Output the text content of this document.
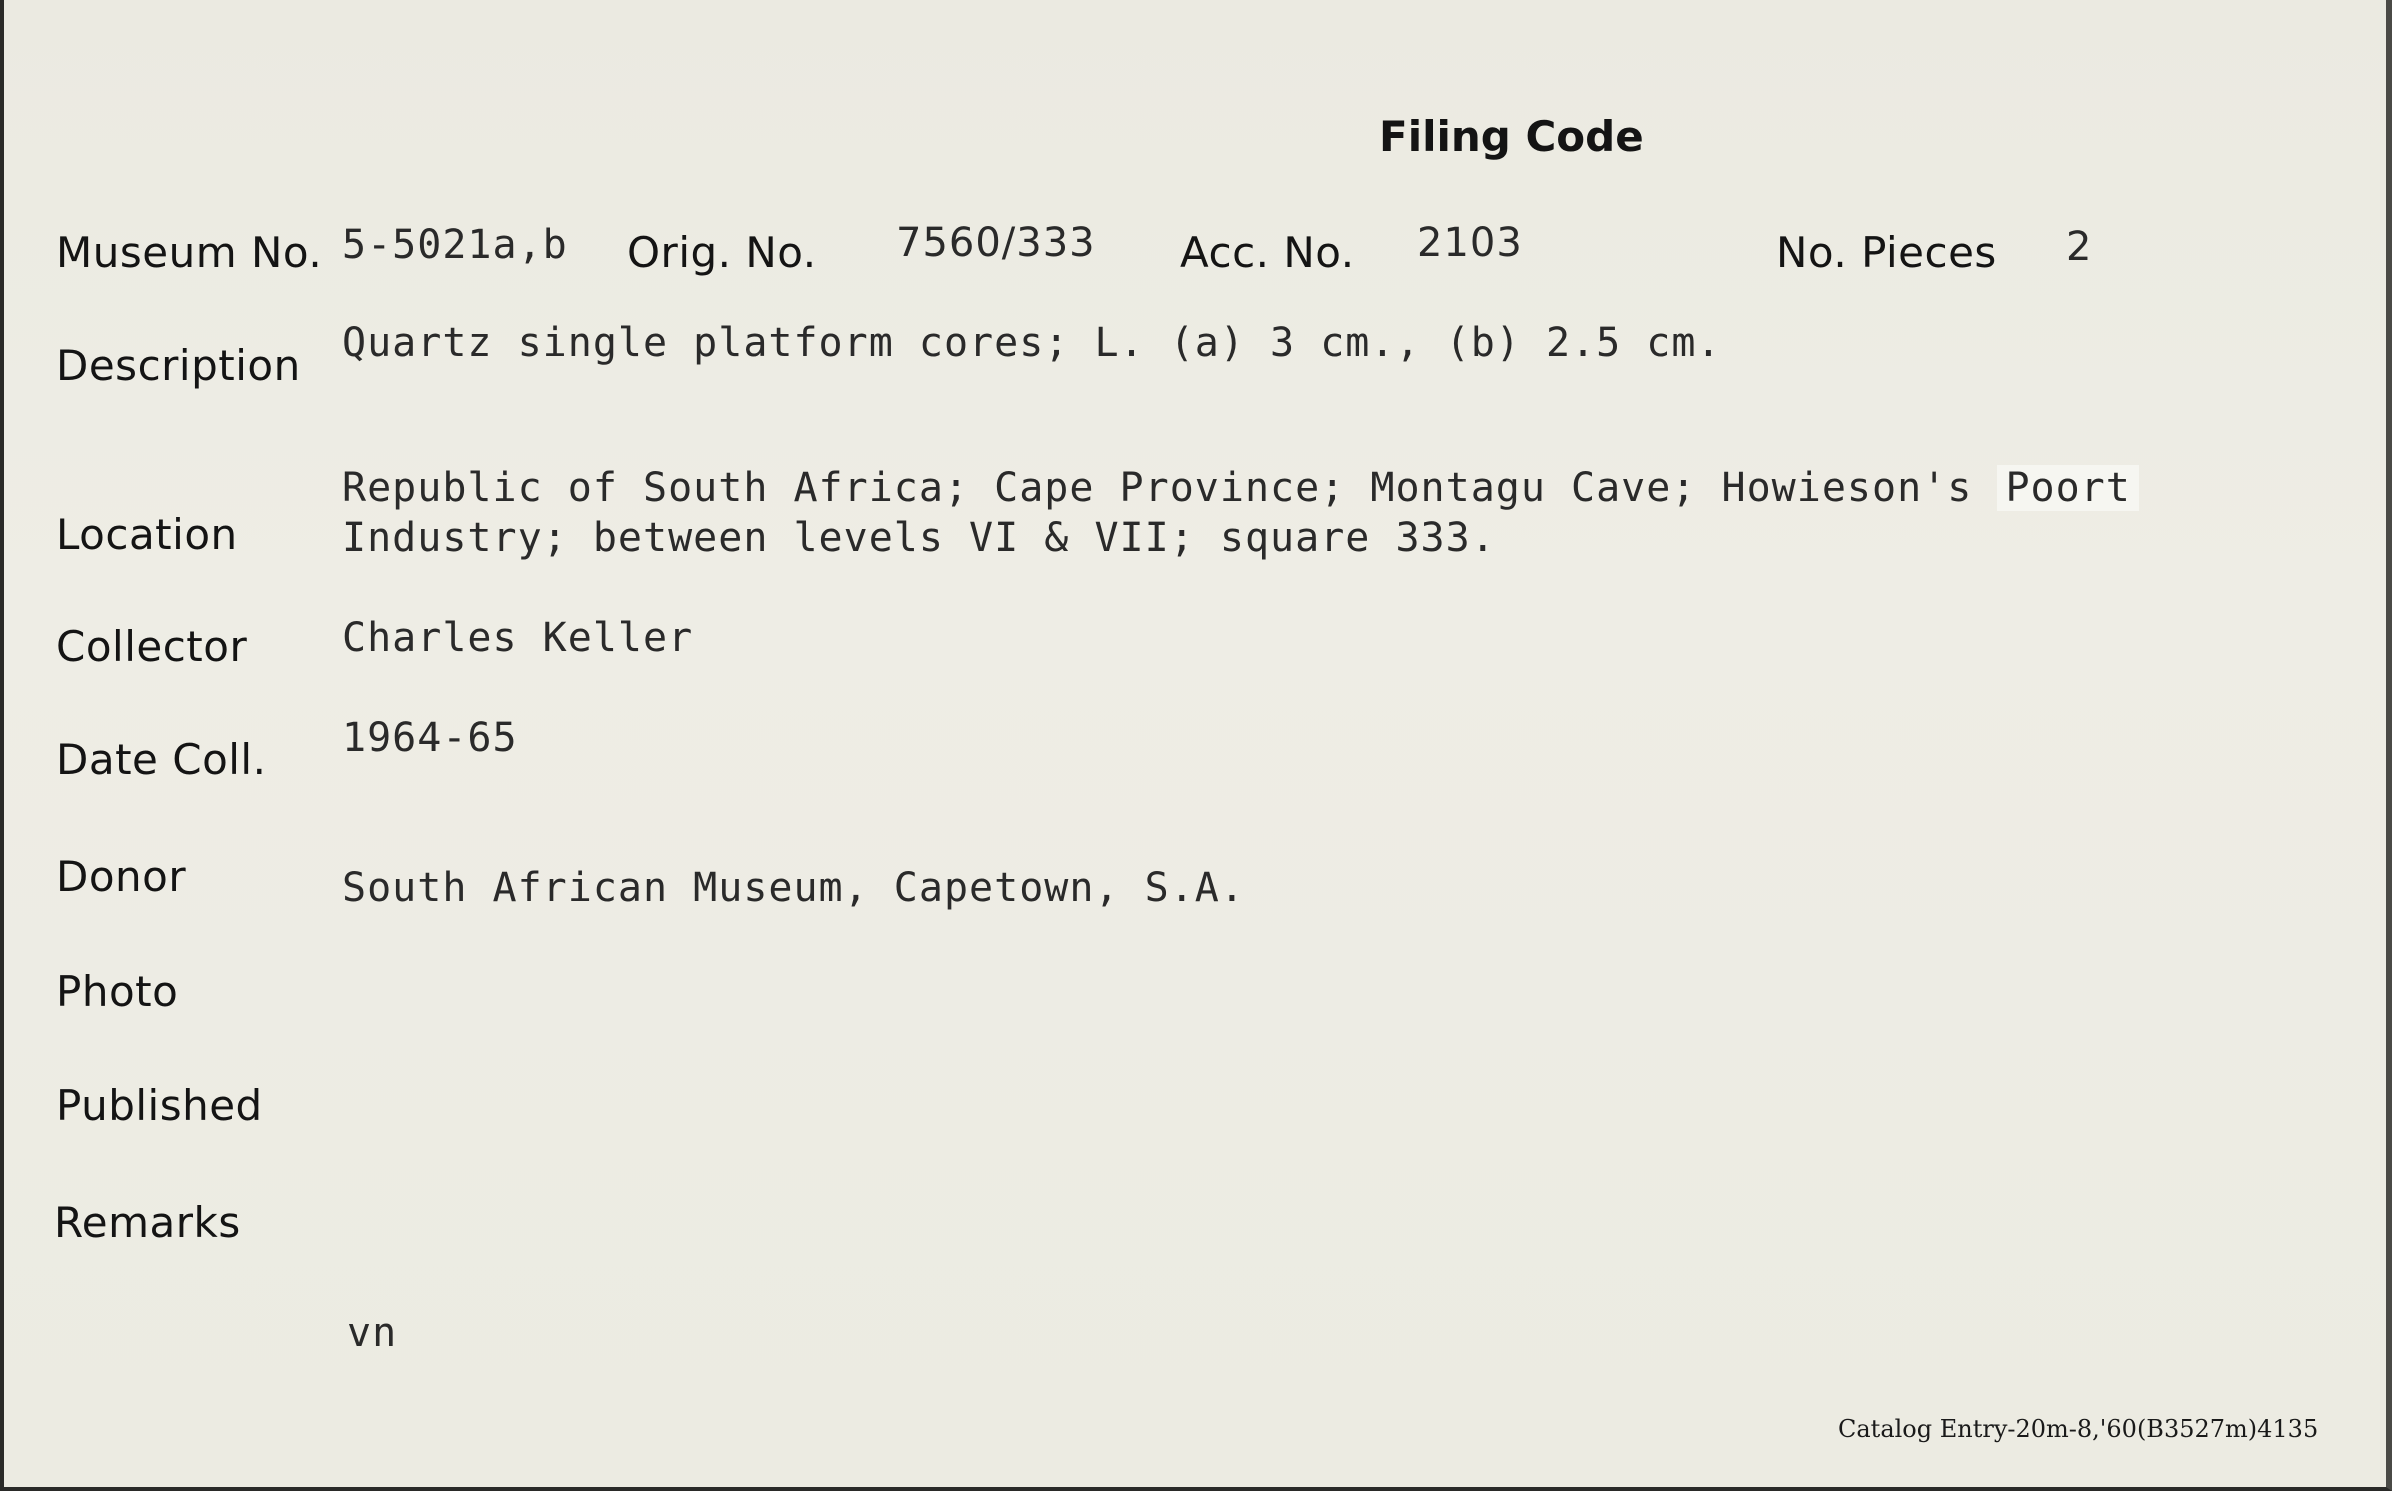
Filing Code
Museum No. 5-5021a,b Orig. No. 7560/333 Acc. No. 2103	No. Pieces 2
Description Quartz single platform cores; L. (a) 3 cm., (b) 2.5 cm.
Location
Republic of South Africa; Cape Province; Montagu Cave; Howieson's Poort
Industry; between levels VI & VII; square 333.
Collector Charles Keller
Date Coll. 1964-65
Donor	South African Museum, Capetown, S.A.
Photo
Published
Remarks
vn
Catalog Entry-20m-8,'60(B3527m)4135
